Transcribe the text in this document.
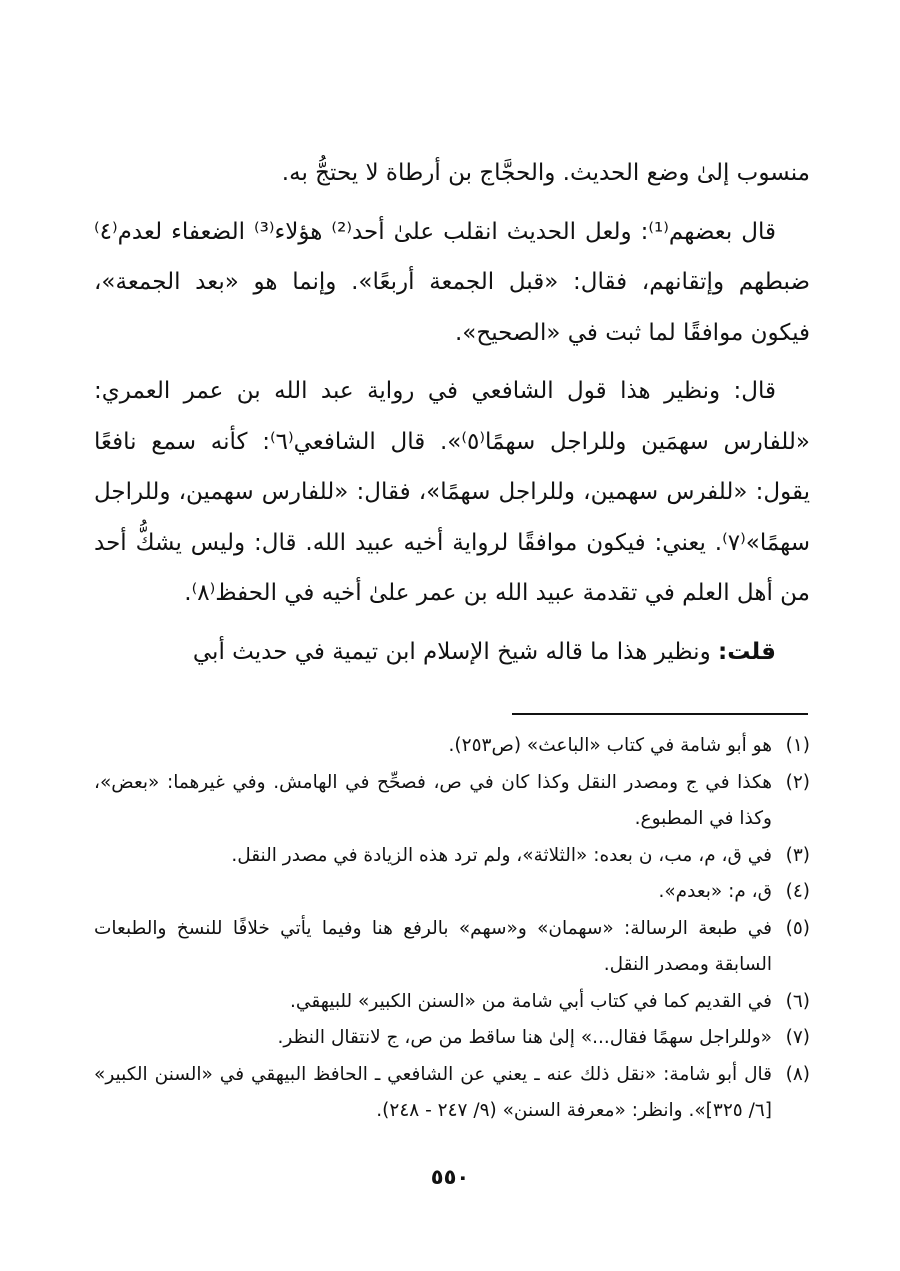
منسوب إلىٰ وضع الحديث. والحجَّاج بن أرطاة لا يحتجُّ به.

قال بعضهم⁽¹⁾: ولعل الحديث انقلب علىٰ أحد⁽²⁾ هؤلاء⁽³⁾ الضعفاء لعدم⁽٤⁾ ضبطهم وإتقانهم، فقال: «قبل الجمعة أربعًا». وإنما هو «بعد الجمعة»، فيكون موافقًا لما ثبت في «الصحيح».

قال: ونظير هذا قول الشافعي في رواية عبد الله بن عمر العمري: «للفارس سهمَين وللراجل سهمًا⁽٥⁾». قال الشافعي⁽٦⁾: كأنه سمع نافعًا يقول: «للفرس سهمين، وللراجل سهمًا»، فقال: «للفارس سهمين، وللراجل سهمًا»⁽٧⁾. يعني: فيكون موافقًا لرواية أخيه عبيد الله. قال: وليس يشكُّ أحد من أهل العلم في تقدمة عبيد الله بن عمر علىٰ أخيه في الحفظ⁽٨⁾.

قلت: ونظير هذا ما قاله شيخ الإسلام ابن تيمية في حديث أبي

(١)
هو أبو شامة في كتاب «الباعث» (ص٢٥٣).
(٢)
هكذا في ج ومصدر النقل وكذا كان في ص، فصحِّح في الهامش. وفي غيرهما: «بعض»، وكذا في المطبوع.
(٣)
في ق، م، مب، ن بعده: «الثلاثة»، ولم ترد هذه الزيادة في مصدر النقل.
(٤)
ق، م: «بعدم».
(٥)
في طبعة الرسالة: «سهمان» و«سهم» بالرفع هنا وفيما يأتي خلافًا للنسخ والطبعات السابقة ومصدر النقل.
(٦)
في القديم كما في كتاب أبي شامة من «السنن الكبير» للبيهقي.
(٧)
«وللراجل سهمًا فقال...» إلىٰ هنا ساقط من ص، ج لانتقال النظر.
(٨)
قال أبو شامة: «نقل ذلك عنه ـ يعني عن الشافعي ـ الحافظ البيهقي في «السنن الكبير» [٦/ ٣٢٥]». وانظر: «معرفة السنن» (٩/ ٢٤٧ - ٢٤٨).
٥٥٠
